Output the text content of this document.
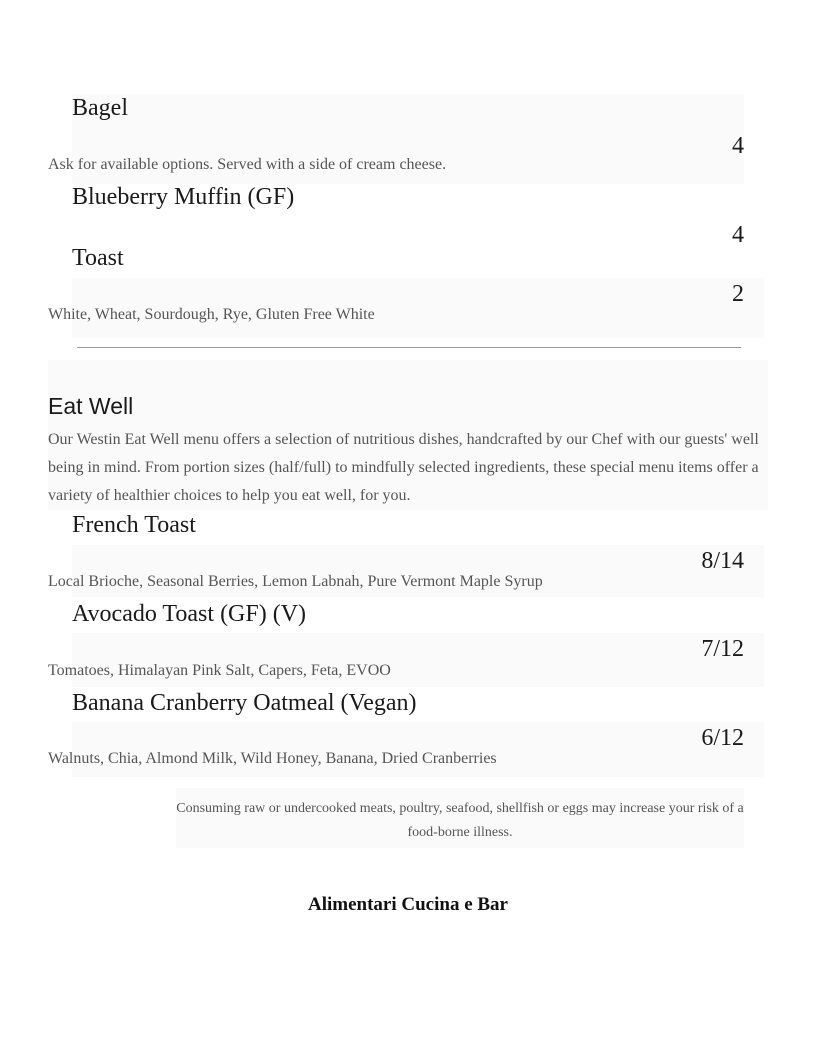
Bagel
4
Ask for available options. Served with a side of cream cheese.
Blueberry Muffin (GF)
4
Toast
2
White, Wheat, Sourdough, Rye, Gluten Free White
Eat Well
Our Westin Eat Well menu offers a selection of nutritious dishes, handcrafted by our Chef with our guests' well being in mind. From portion sizes (half/full) to mindfully selected ingredients, these special menu items offer a variety of healthier choices to help you eat well, for you.
French Toast
8/14
Local Brioche, Seasonal Berries, Lemon Labnah, Pure Vermont Maple Syrup
Avocado Toast (GF) (V)
7/12
Tomatoes, Himalayan Pink Salt, Capers, Feta, EVOO
Banana Cranberry Oatmeal (Vegan)
6/12
Walnuts, Chia, Almond Milk, Wild Honey, Banana, Dried Cranberries
Consuming raw or undercooked meats, poultry, seafood, shellfish or eggs may increase your risk of a food-borne illness.
Alimentari Cucina e Bar
